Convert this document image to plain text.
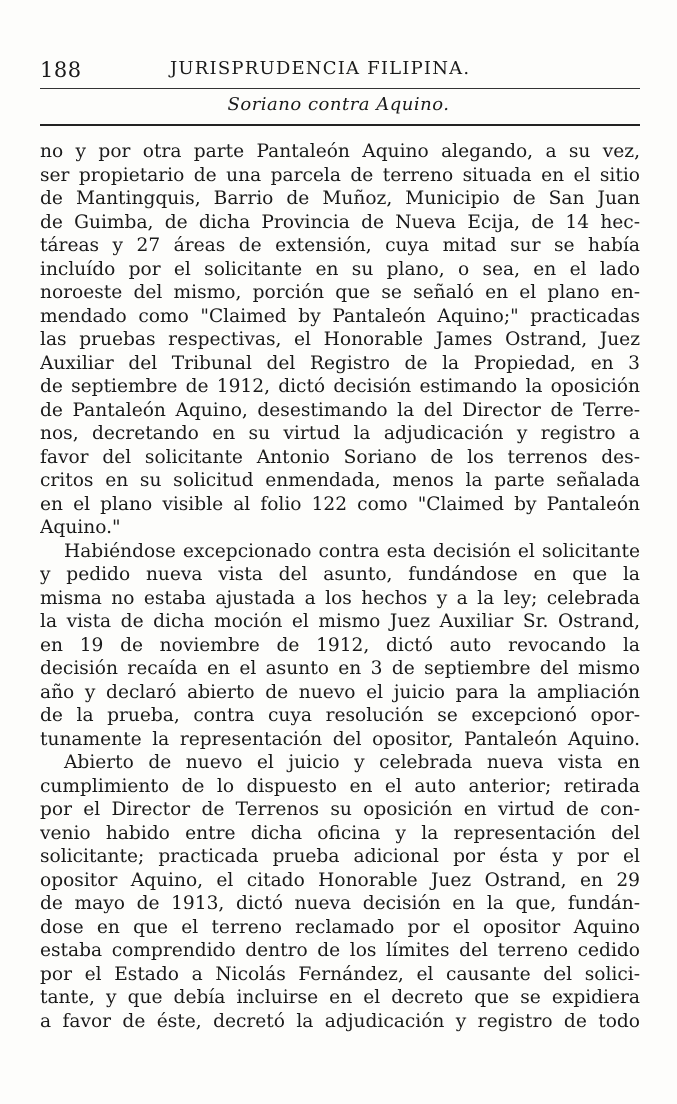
188	JURISPRUDENCIA FILIPINA.
Soriano contra Aquino.
no y por otra parte Pantaleón Aquino alegando, a su vez,
ser propietario de una parcela de terreno situada en el sitio
de Mantingquis, Barrio de Muñoz, Municipio de San Juan
de Guimba, de dicha Provincia de Nueva Ecija, de 14 hec-
táreas y 27 áreas de extensión, cuya mitad sur se había
incluído por el solicitante en su plano, o sea, en el lado
noroeste del mismo, porción que se señaló en el plano en-
mendado como "Claimed by Pantaleón Aquino;" practicadas
las pruebas respectivas, el Honorable James Ostrand, Juez
Auxiliar del Tribunal del Registro de la Propiedad, en 3
de septiembre de 1912, dictó decisión estimando la oposición
de Pantaleón Aquino, desestimando la del Director de Terre-
nos, decretando en su virtud la adjudicación y registro a
favor del solicitante Antonio Soriano de los terrenos des-
critos en su solicitud enmendada, menos la parte señalada
en el plano visible al folio 122 como "Claimed by Pantaleón
Aquino."
Habiéndose excepcionado contra esta decisión el solicitante
y pedido nueva vista del asunto, fundándose en que la
misma no estaba ajustada a los hechos y a la ley; celebrada
la vista de dicha moción el mismo Juez Auxiliar Sr. Ostrand,
en 19 de noviembre de 1912, dictó auto revocando la
decisión recaída en el asunto en 3 de septiembre del mismo
año y declaró abierto de nuevo el juicio para la ampliación
de la prueba, contra cuya resolución se excepcionó opor-
tunamente la representación del opositor, Pantaleón Aquino.
Abierto de nuevo el juicio y celebrada nueva vista en
cumplimiento de lo dispuesto en el auto anterior; retirada
por el Director de Terrenos su oposición en virtud de con-
venio habido entre dicha oficina y la representación del
solicitante; practicada prueba adicional por ésta y por el
opositor Aquino, el citado Honorable Juez Ostrand, en 29
de mayo de 1913, dictó nueva decisión en la que, fundán-
dose en que el terreno reclamado por el opositor Aquino
estaba comprendido dentro de los límites del terreno cedido
por el Estado a Nicolás Fernández, el causante del solici-
tante, y que debía incluirse en el decreto que se expidiera
a favor de éste, decretó la adjudicación y registro de todo
